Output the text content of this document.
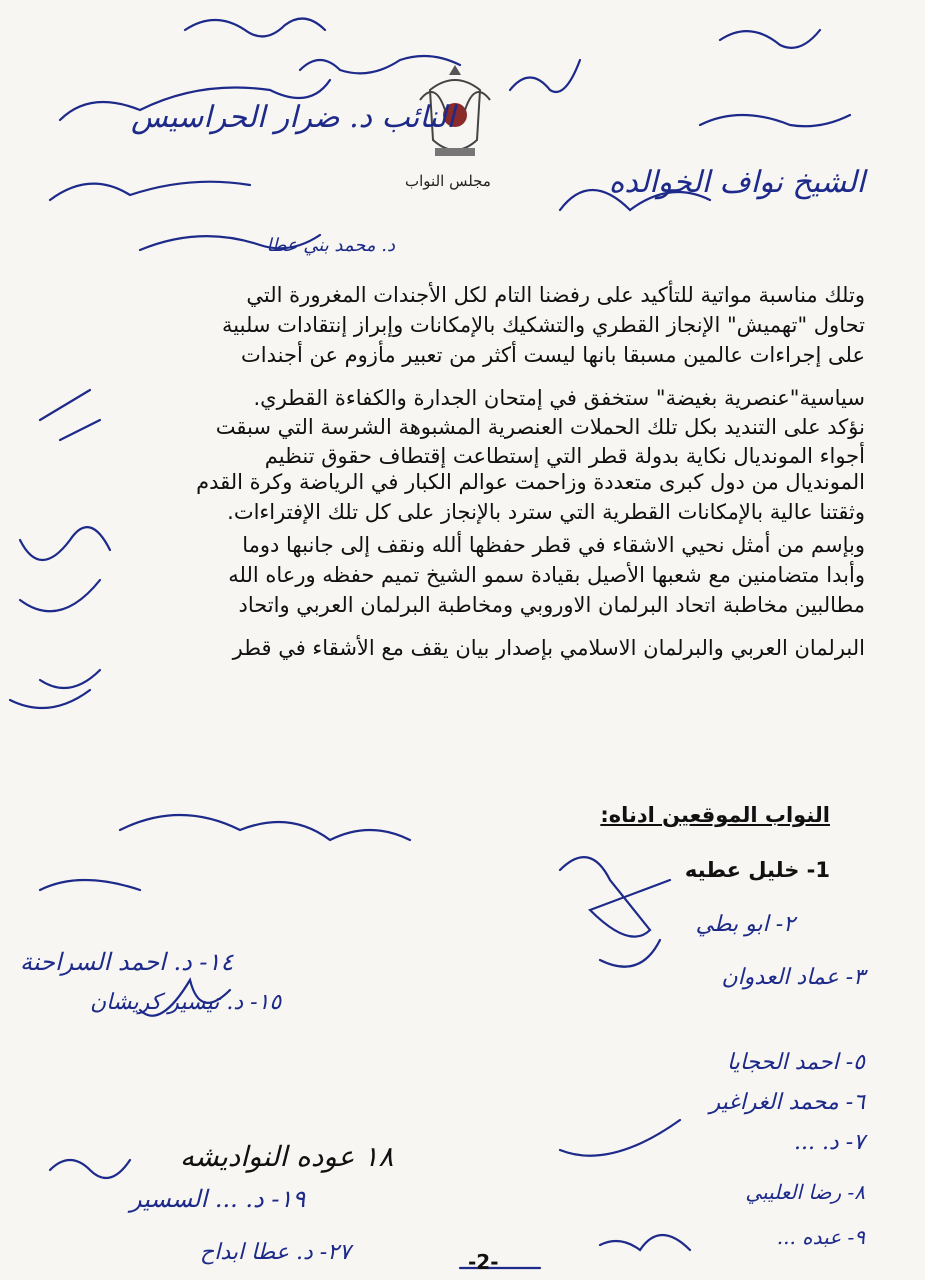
مجلس النواب
النائب د. ضرار الحراسيس
الشيخ نواف الخوالده
د. محمد بني عطا
وتلك مناسبة مواتية للتأكيد على رفضنا التام لكل الأجندات المغرورة التي
تحاول "تهميش" الإنجاز القطري والتشكيك بالإمكانات وإبراز إنتقادات سلبية
على إجراءات عالمين مسبقا بانها ليست أكثر من تعبير مأزوم عن أجندات
سياسية"عنصرية بغيضة" ستخفق في إمتحان الجدارة والكفاءة القطري.
نؤكد على التنديد بكل تلك الحملات العنصرية المشبوهة الشرسة التي سبقت
أجواء المونديال نكاية بدولة قطر التي إستطاعت إقتطاف حقوق تنظيم
المونديال من دول كبرى متعددة وزاحمت عوالم الكبار في الرياضة وكرة القدم
وثقتنا عالية بالإمكانات القطرية التي سترد بالإنجاز على كل تلك الإفتراءات.
وبإسم من أمثل نحيي الاشقاء في قطر حفظها ألله ونقف إلى جانبها دوما
وأبدا متضامنين مع شعبها الأصيل بقيادة سمو الشيخ تميم حفظه ورعاه الله
مطالبين مخاطبة اتحاد البرلمان الاوروبي ومخاطبة البرلمان العربي واتحاد
البرلمان العربي والبرلمان الاسلامي بإصدار بيان يقف مع الأشقاء في قطر
النواب الموقعين ادناه:
1- خليل عطيه
٢- ابو بطي
٣- عماد العدوان
٥- احمد الحجايا
٦- محمد الغراغير
٧- د. ...
٨- رضا العليبي
٩- عبده ...
١٤- د. احمد السراحنة
١٥- د. تيسير كريشان
١٨ عوده النواديشه
١٩- د. ... السسير
٢٧- د. عطا ابداح	-2-
